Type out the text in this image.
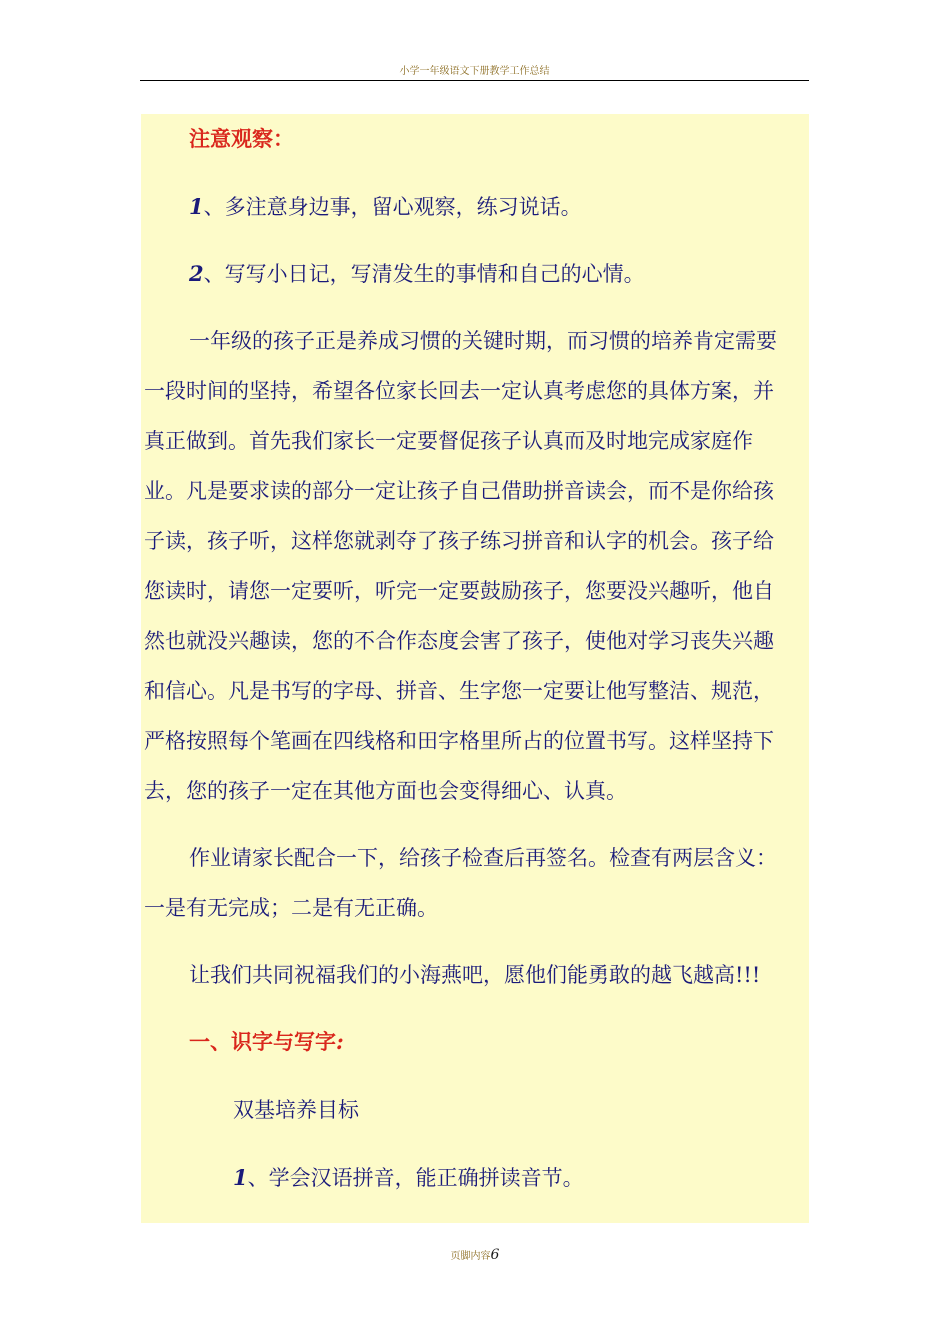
小学一年级语文下册教学工作总结
注意观察：
1、多注意身边事，留心观察，练习说话。
2、写写小日记，写清发生的事情和自己的心情。
一年级的孩子正是养成习惯的关键时期，而习惯的培养肯定需要
一段时间的坚持，希望各位家长回去一定认真考虑您的具体方案，并
真正做到。首先我们家长一定要督促孩子认真而及时地完成家庭作
业。凡是要求读的部分一定让孩子自己借助拼音读会，而不是你给孩
子读，孩子听，这样您就剥夺了孩子练习拼音和认字的机会。孩子给
您读时，请您一定要听，听完一定要鼓励孩子，您要没兴趣听，他自
然也就没兴趣读，您的不合作态度会害了孩子，使他对学习丧失兴趣
和信心。凡是书写的字母、拼音、生字您一定要让他写整洁、规范，
严格按照每个笔画在四线格和田字格里所占的位置书写。这样坚持下
去，您的孩子一定在其他方面也会变得细心、认真。
作业请家长配合一下，给孩子检查后再签名。检查有两层含义：
一是有无完成；二是有无正确。
让我们共同祝福我们的小海燕吧，愿他们能勇敢的越飞越高!!!
一、识字与写字:
双基培养目标
1、学会汉语拼音，能正确拼读音节。
页脚内容6
